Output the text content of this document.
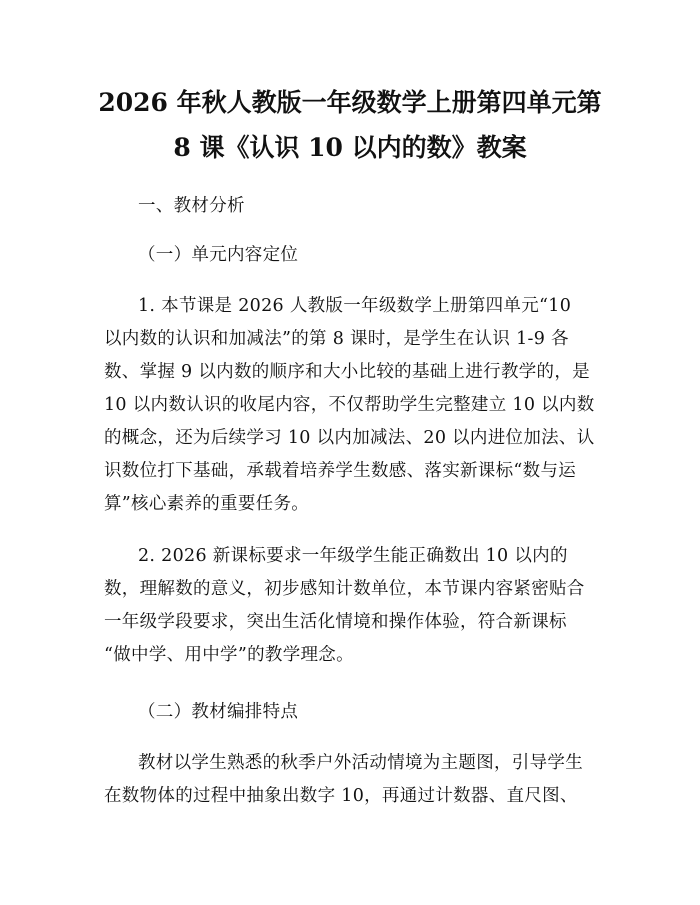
2026 年秋人教版一年级数学上册第四单元第
8 课《认识 10 以内的数》教案
一、教材分析
（一）单元内容定位
1. 本节课是 2026 人教版一年级数学上册第四单元“10
以内数的认识和加减法”的第 8 课时，是学生在认识 1-9 各
数、掌握 9 以内数的顺序和大小比较的基础上进行教学的，是
10 以内数认识的收尾内容，不仅帮助学生完整建立 10 以内数
的概念，还为后续学习 10 以内加减法、20 以内进位加法、认
识数位打下基础，承载着培养学生数感、落实新课标“数与运
算”核心素养的重要任务。
2. 2026 新课标要求一年级学生能正确数出 10 以内的
数，理解数的意义，初步感知计数单位，本节课内容紧密贴合
一年级学段要求，突出生活化情境和操作体验，符合新课标
“做中学、用中学”的教学理念。
（二）教材编排特点
教材以学生熟悉的秋季户外活动情境为主题图，引导学生
在数物体的过程中抽象出数字 10，再通过计数器、直尺图、
